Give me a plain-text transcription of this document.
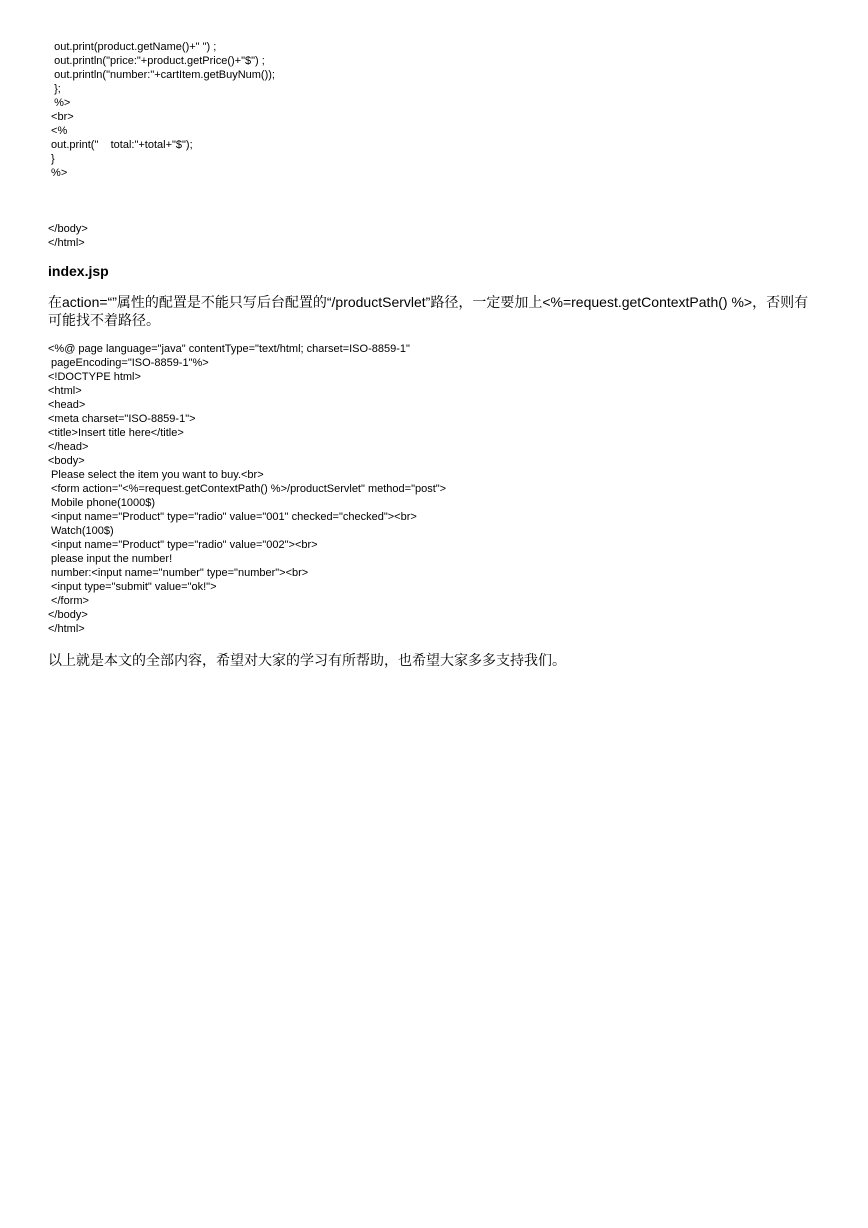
out.print(product.getName()+" ") ;
out.println("price:"+product.getPrice()+"$") ;
out.println("number:"+cartItem.getBuyNum());
};
%>
<br>
<%
out.print("    total:"+total+"$");
}
%>
</body>
</html>
index.jsp
在action=“”属性的配置是不能只写后台配置的“/productServlet”路径，一定要加上<%=request.getContextPath() %>，否则有可能找不着路径。
<%@ page language="java" contentType="text/html; charset=ISO-8859-1"
pageEncoding="ISO-8859-1"%>
<!DOCTYPE html>
<html>
<head>
<meta charset="ISO-8859-1">
<title>Insert title here</title>
</head>
<body>
Please select the item you want to buy.<br>
<form action="<%=request.getContextPath() %>/productServlet" method="post">
Mobile phone(1000$)
<input name="Product" type="radio" value="001" checked="checked"><br>
Watch(100$)
<input name="Product" type="radio" value="002"><br>
please input the number!
number:<input name="number" type="number"><br>
<input type="submit" value="ok!">
</form>
</body>
</html>
以上就是本文的全部内容，希望对大家的学习有所帮助，也希望大家多多支持我们。
